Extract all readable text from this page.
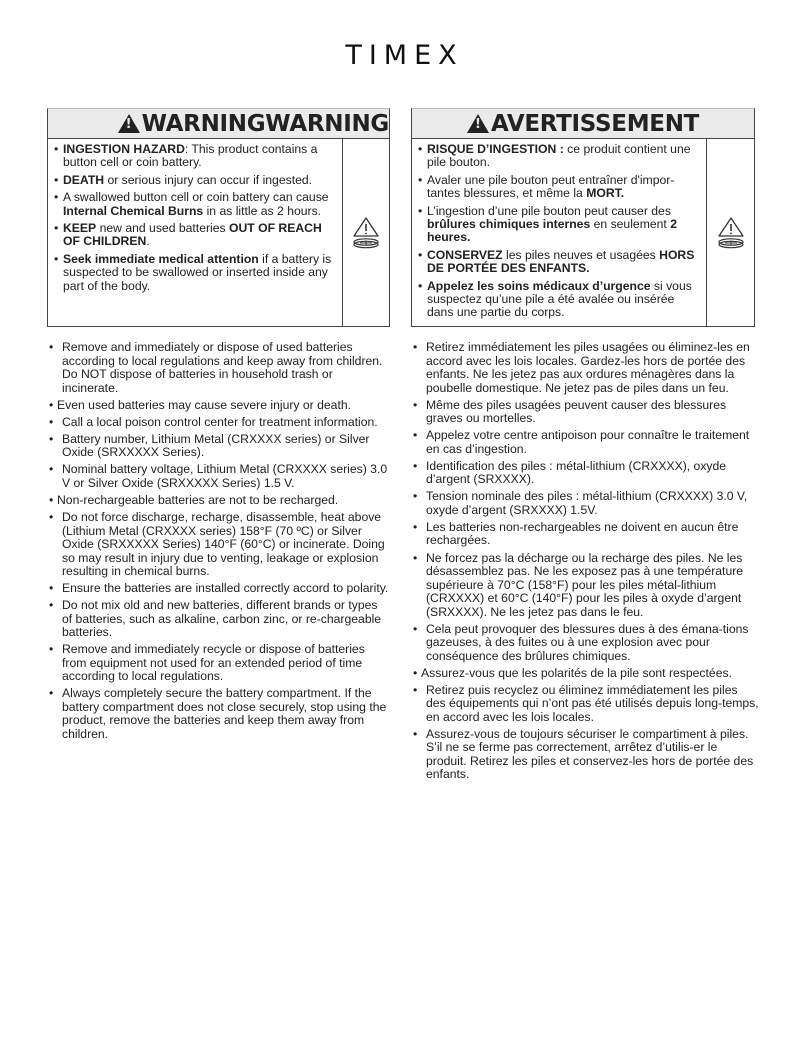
TIMEX
!
WARNINGWARNING
• INGESTION HAZARD: This product contains a button cell or coin battery.
• DEATH or serious injury can occur if ingested.
• A swallowed button cell or coin battery can cause Internal Chemical Burns in as little as 2 hours.
• KEEP new and used batteries OUT OF REACH OF CHILDREN.
• Seek immediate medical attention if a battery is suspected to be swallowed or inserted inside any part of the body.
!
AVERTISSEMENT
• RISQUE D’INGESTION : ce produit contient une pile bouton.
• Avaler une pile bouton peut entraîner d'impor-tantes blessures, et même la MORT.
• L’ingestion d’une pile bouton peut causer des brûlures chimiques internes en seulement 2 heures.
• CONSERVEZ les piles neuves et usagées HORS DE PORTÉE DES ENFANTS.
• Appelez les soins médicaux d’urgence si vous suspectez qu’une pile a été avalée ou insérée dans une partie du corps.
• Remove and immediately or dispose of used batteries according to local regulations and keep away from children. Do NOT dispose of batteries in household trash or incinerate.
• Even used batteries may cause severe injury or death.
• Call a local poison control center for treatment information.
• Battery number, Lithium Metal (CRXXXX series) or Silver Oxide (SRXXXXX Series).
• Nominal battery voltage, Lithium Metal (CRXXXX series) 3.0 V or Silver Oxide (SRXXXXX Series) 1.5 V.
• Non-rechargeable batteries are not to be recharged.
• Do not force discharge, recharge, disassemble, heat above (Lithium Metal (CRXXXX series) 158°F (70 ºC) or Silver Oxide (SRXXXXX Series) 140°F (60°C) or incinerate. Doing so may result in injury due to venting, leakage or explosion resulting in chemical burns.
• Ensure the batteries are installed correctly accord to polarity.
• Do not mix old and new batteries, different brands or types of batteries, such as alkaline, carbon zinc, or re-chargeable batteries.
• Remove and immediately recycle or dispose of batteries from equipment not used for an extended period of time according to local regulations.
• Always completely secure the battery compartment. If the battery compartment does not close securely, stop using the product, remove the batteries and keep them away from children.
• Retirez immédiatement les piles usagées ou éliminez-les en accord avec les lois locales. Gardez-les hors de portée des enfants. Ne les jetez pas aux ordures ménagères dans la poubelle domestique. Ne jetez pas de piles dans un feu.
• Même des piles usagées peuvent causer des blessures graves ou mortelles.
• Appelez votre centre antipoison pour connaître le traitement en cas d’ingestion.
• Identification des piles : métal-lithium (CRXXXX), oxyde d’argent (SRXXXX).
• Tension nominale des piles : métal-lithium (CRXXXX) 3.0 V, oxyde d’argent (SRXXXX) 1.5V.
• Les batteries non-rechargeables ne doivent en aucun être rechargées.
• Ne forcez pas la décharge ou la recharge des piles. Ne les désassemblez pas. Ne les exposez pas à une température supérieure à 70°C (158°F) pour les piles métal-lithium (CRXXXX) et 60°C (140°F) pour les piles à oxyde d’argent (SRXXXX). Ne les jetez pas dans le feu.
• Cela peut provoquer des blessures dues à des émana-tions gazeuses, à des fuites ou à une explosion avec pour conséquence des brûlures chimiques.
• Assurez-vous que les polarités de la pile sont respectées.
• Retirez puis recyclez ou éliminez immédiatement les piles des équipements qui n’ont pas été utilisés depuis long-temps, en accord avec les lois locales.
• Assurez-vous de toujours sécuriser le compartiment à piles. S’il ne se ferme pas correctement, arrêtez d’utilis-er le produit. Retirez les piles et conservez-les hors de portée des enfants.
